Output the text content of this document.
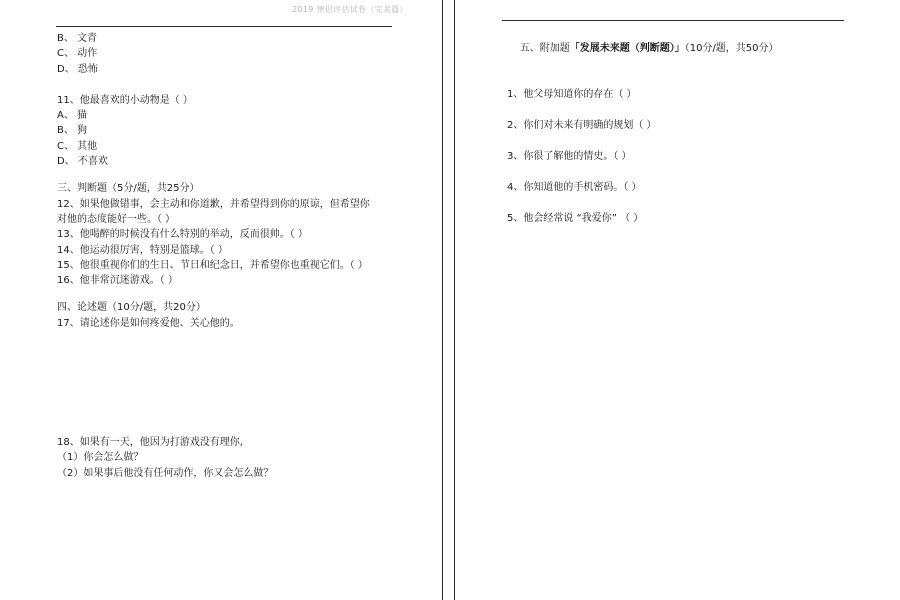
2019 情侣评估试卷（完美篇）
B、 文青
C、 动作
D、 恐怖
11、他最喜欢的小动物是（ ）
A、 猫
B、 狗
C、 其他
D、 不喜欢
三、判断题（5分/题，共25分）
12、如果他做错事，会主动和你道歉，并希望得到你的原谅，但希望你
对他的态度能好一些。（ ）
13、他喝醉的时候没有什么特别的举动，反而很帅。（ ）
14、他运动很厉害，特别是篮球。（ ）
15、他很重视你们的生日、节日和纪念日，并希望你也重视它们。（ ）
16、他非常沉迷游戏。（ ）
四、论述题（10分/题，共20分）
17、请论述你是如何疼爱他、关心他的。
18、如果有一天，他因为打游戏没有理你,
（1）你会怎么做？
（2）如果事后他没有任何动作，你又会怎么做？

五、附加题「发展未来题（判断题）」（10分/题，共50分）

1、他父母知道你的存在（ ）
2、你们对未来有明确的规划（ ）
3、你很了解他的情史。（ ）
4、你知道他的手机密码。（ ）
5、他会经常说 “我爱你” （ ）
